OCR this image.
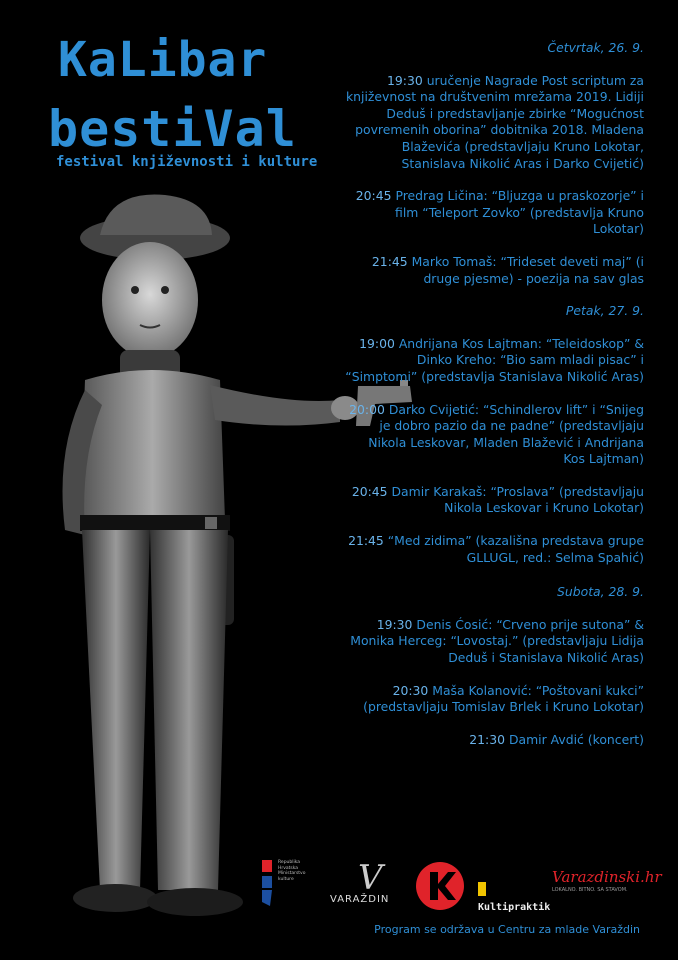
KaLibar
bestiVal
festival književnosti i kulture
Četvrtak, 26. 9.
19:30 uručenje Nagrade Post scriptum za književnost na društvenim mrežama 2019. Lidiji Deduš i predstavljanje zbirke “Mogućnost povremenih oborina” dobitnika 2018. Mladena Blaževića (predstavljaju Kruno Lokotar, Stanislava Nikolić Aras i Darko Cvijetić)
20:45 Predrag Ličina: “Bljuzga u praskozorje” i film “Teleport Zovko” (predstavlja Kruno Lokotar)
21:45 Marko Tomaš: “Trideset deveti maj” (i druge pjesme) - poezija na sav glas
Petak, 27. 9.
19:00 Andrijana Kos Lajtman: “Teleidoskop” & Dinko Kreho: “Bio sam mladi pisac” i “Simptomi” (predstavlja Stanislava Nikolić Aras)
20:00 Darko Cvijetić: “Schindlerov lift” i “Snijeg je dobro pazio da ne padne” (predstavljaju Nikola Leskovar, Mladen Blažević i Andrijana Kos Lajtman)
20:45 Damir Karakaš: “Proslava” (predstavljaju Nikola Leskovar i Kruno Lokotar)
21:45 “Med zidima” (kazališna predstava grupe GLLUGL, red.: Selma Spahić)
Subota, 28. 9.
19:30 Denis Ćosić: “Crveno prije sutona” & Monika Herceg: “Lovostaj.” (predstavljaju Lidija Deduš i Stanislava Nikolić Aras)
20:30 Maša Kolanović: “Poštovani kukci” (predstavljaju Tomislav Brlek i Kruno Lokotar)
21:30 Damir Avdić (koncert)
Republika Hrvatska Ministarstvo kulture	V
VARAŽDIN
Kultipraktik
Varazdinski.hr
LOKALNO. BITNO. SA STAVOM.
Program se održava u Centru za mlade Varaždin
